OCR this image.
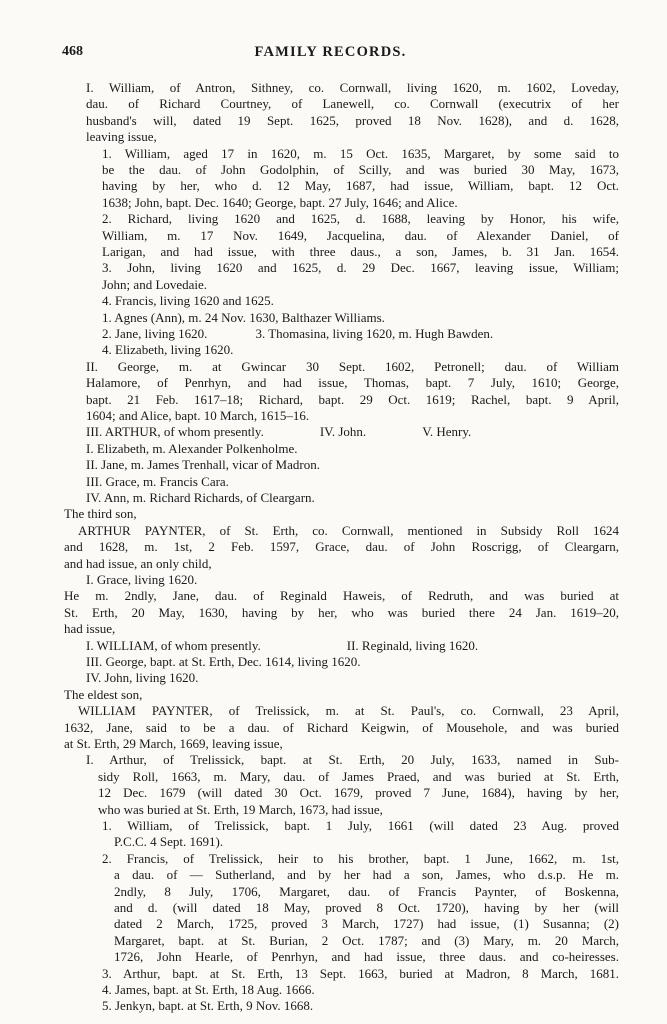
468	FAMILY RECORDS.
I. William, of Antron, Sithney, co. Cornwall, living 1620, m. 1602, Loveday,
dau. of Richard Courtney, of Lanewell, co. Cornwall (executrix of her
husband's will, dated 19 Sept. 1625, proved 18 Nov. 1628), and d. 1628,
leaving issue,
1. William, aged 17 in 1620, m. 15 Oct. 1635, Margaret, by some said to
be the dau. of John Godolphin, of Scilly, and was buried 30 May, 1673,
having by her, who d. 12 May, 1687, had issue, William, bapt. 12 Oct.
1638; John, bapt. Dec. 1640; George, bapt. 27 July, 1646; and Alice.
2. Richard, living 1620 and 1625, d. 1688, leaving by Honor, his wife,
William, m. 17 Nov. 1649, Jacquelina, dau. of Alexander Daniel, of
Larigan, and had issue, with three daus., a son, James, b. 31 Jan. 1654.
3. John, living 1620 and 1625, d. 29 Dec. 1667, leaving issue, William;
John; and Lovedaie.
4. Francis, living 1620 and 1625.
1. Agnes (Ann), m. 24 Nov. 1630, Balthazer Williams.
2. Jane, living 1620.	3. Thomasina, living 1620, m. Hugh Bawden.
4. Elizabeth, living 1620.
II. George, m. at Gwincar 30 Sept. 1602, Petronell; dau. of William
Halamore, of Penrhyn, and had issue, Thomas, bapt. 7 July, 1610; George,
bapt. 21 Feb. 1617–18; Richard, bapt. 29 Oct. 1619; Rachel, bapt. 9 April,
1604; and Alice, bapt. 10 March, 1615–16.
III. ARTHUR, of whom presently.	IV. John.	V. Henry.
I. Elizabeth, m. Alexander Polkenholme.
II. Jane, m. James Trenhall, vicar of Madron.
III. Grace, m. Francis Cara.
IV. Ann, m. Richard Richards, of Cleargarn.
The third son,
ARTHUR PAYNTER, of St. Erth, co. Cornwall, mentioned in Subsidy Roll 1624
and 1628, m. 1st, 2 Feb. 1597, Grace, dau. of John Roscrigg, of Cleargarn,
and had issue, an only child,
I. Grace, living 1620.
He m. 2ndly, Jane, dau. of Reginald Haweis, of Redruth, and was buried at
St. Erth, 20 May, 1630, having by her, who was buried there 24 Jan. 1619–20,
had issue,
I. WILLIAM, of whom presently.	II. Reginald, living 1620.
III. George, bapt. at St. Erth, Dec. 1614, living 1620.
IV. John, living 1620.
The eldest son,
WILLIAM PAYNTER, of Trelissick, m. at St. Paul's, co. Cornwall, 23 April,
1632, Jane, said to be a dau. of Richard Keigwin, of Mousehole, and was buried
at St. Erth, 29 March, 1669, leaving issue,
I. Arthur, of Trelissick, bapt. at St. Erth, 20 July, 1633, named in Sub-
sidy Roll, 1663, m. Mary, dau. of James Praed, and was buried at St. Erth,
12 Dec. 1679 (will dated 30 Oct. 1679, proved 7 June, 1684), having by her,
who was buried at St. Erth, 19 March, 1673, had issue,
1. William, of Trelissick, bapt. 1 July, 1661 (will dated 23 Aug. proved
P.C.C. 4 Sept. 1691).
2. Francis, of Trelissick, heir to his brother, bapt. 1 June, 1662, m. 1st,
a dau. of — Sutherland, and by her had a son, James, who d.s.p. He m.
2ndly, 8 July, 1706, Margaret, dau. of Francis Paynter, of Boskenna,
and d. (will dated 18 May, proved 8 Oct. 1720), having by her (will
dated 2 March, 1725, proved 3 March, 1727) had issue, (1) Susanna; (2)
Margaret, bapt. at St. Burian, 2 Oct. 1787; and (3) Mary, m. 20 March,
1726, John Hearle, of Penrhyn, and had issue, three daus. and co-heiresses.
3. Arthur, bapt. at St. Erth, 13 Sept. 1663, buried at Madron, 8 March, 1681.
4. James, bapt. at St. Erth, 18 Aug. 1666.
5. Jenkyn, bapt. at St. Erth, 9 Nov. 1668.
